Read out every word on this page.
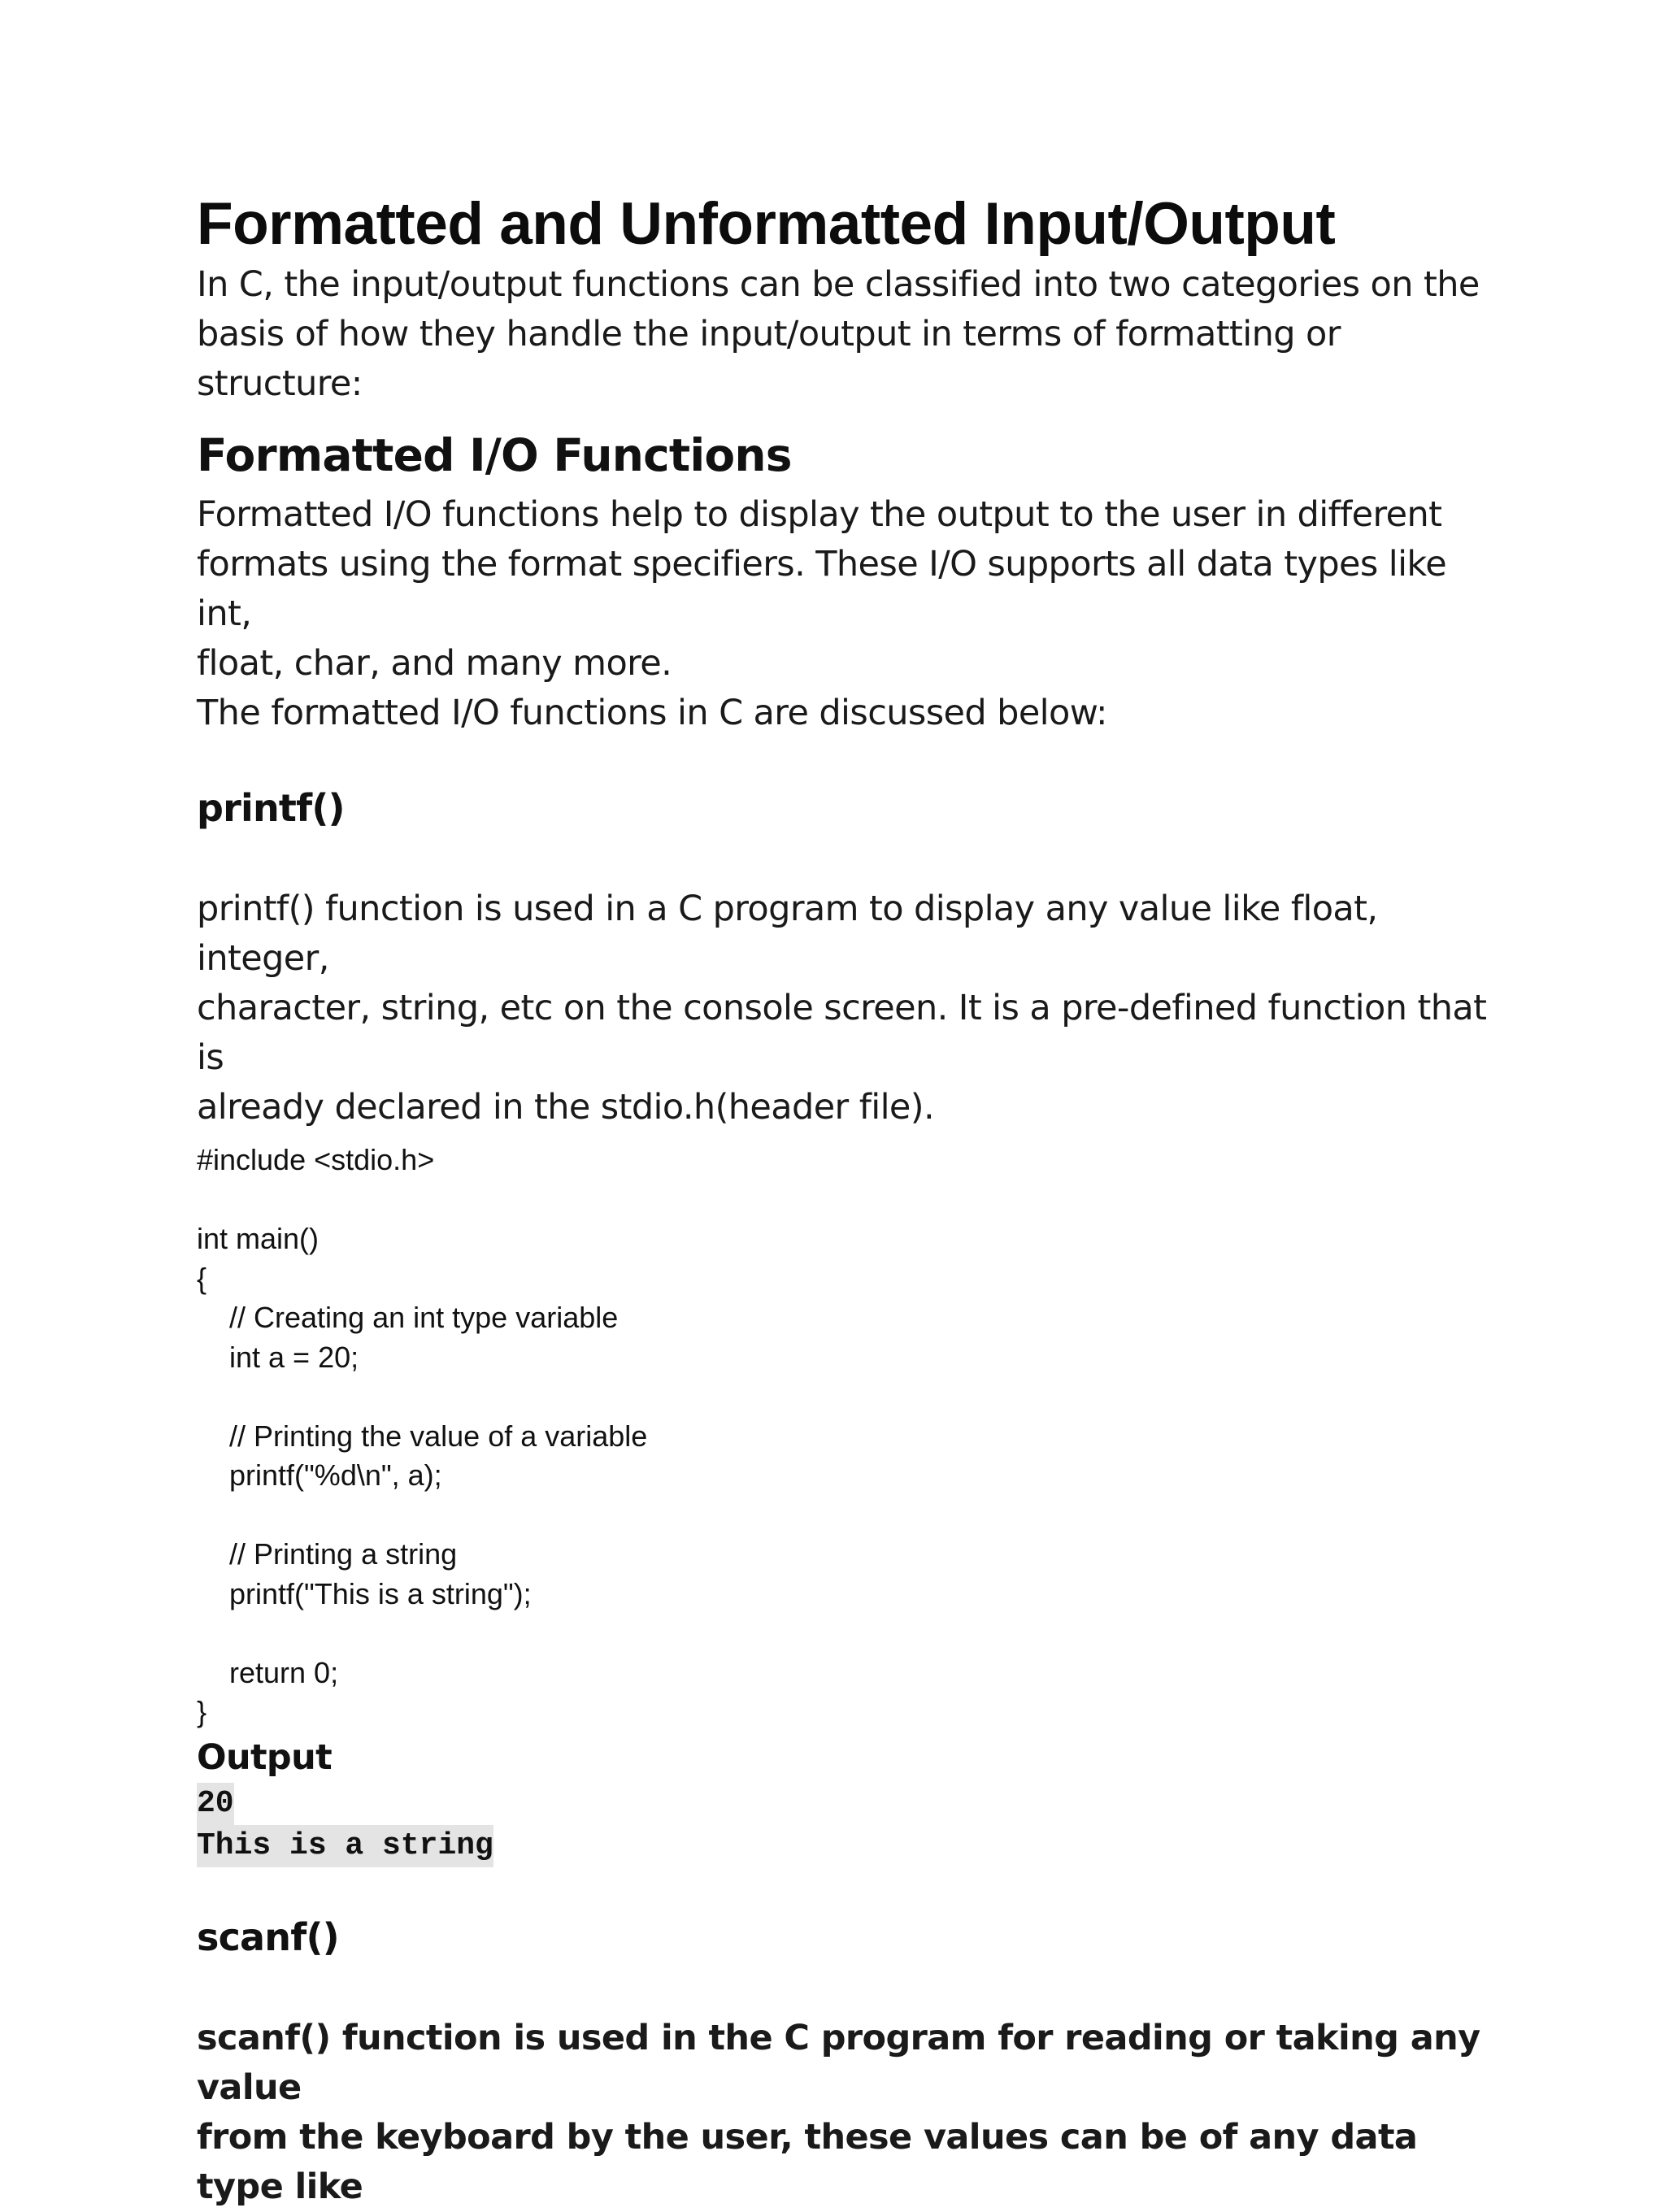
Formatted and Unformatted Input/Output

In C, the input/output functions can be classified into two categories on the
basis of how they handle the input/output in terms of formatting or structure:

Formatted I/O Functions

Formatted I/O functions help to display the output to the user in different
formats using the format specifiers. These I/O supports all data types like int,
float, char, and many more.
The formatted I/O functions in C are discussed below:

printf()

printf() function is used in a C program to display any value like float, integer,
character, string, etc on the console screen. It is a pre-defined function that is
already declared in the stdio.h(header file).

#include <stdio.h>

int main()
{
// Creating an int type variable
int a = 20;

// Printing the value of a variable
printf("%d\n", a);

// Printing a string
printf("This is a string");

return 0;
}

Output

20
This is a string
scanf()

scanf() function is used in the C program for reading or taking any value
from the keyboard by the user, these values can be of any data type like
